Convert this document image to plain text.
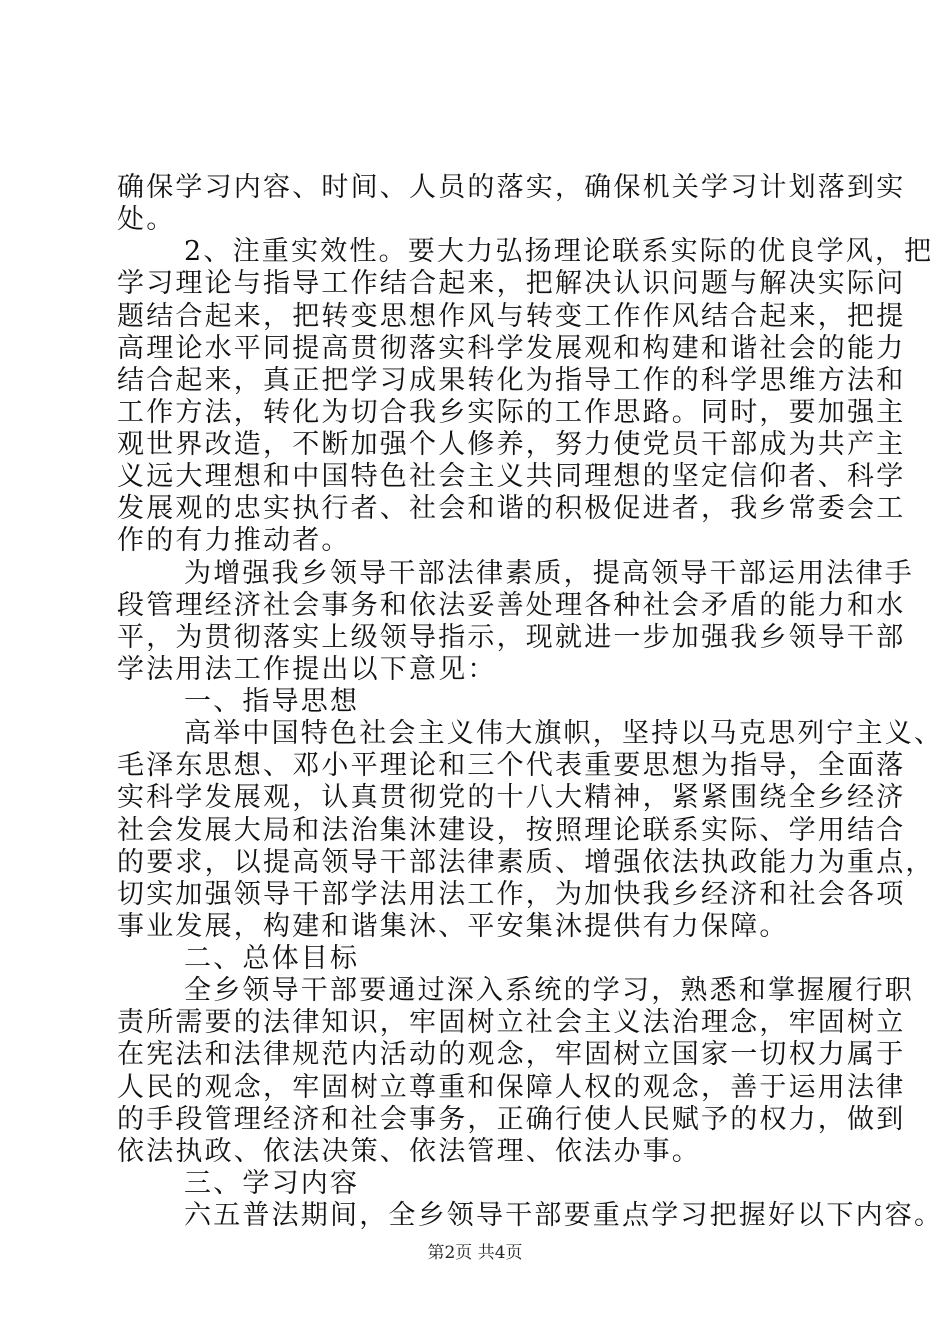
确保学习内容、时间、人员的落实，确保机关学习计划落到实
处。
2、注重实效性。要大力弘扬理论联系实际的优良学风，把
学习理论与指导工作结合起来，把解决认识问题与解决实际问
题结合起来，把转变思想作风与转变工作作风结合起来，把提
高理论水平同提高贯彻落实科学发展观和构建和谐社会的能力
结合起来，真正把学习成果转化为指导工作的科学思维方法和
工作方法，转化为切合我乡实际的工作思路。同时，要加强主
观世界改造，不断加强个人修养，努力使党员干部成为共产主
义远大理想和中国特色社会主义共同理想的坚定信仰者、科学
发展观的忠实执行者、社会和谐的积极促进者，我乡常委会工
作的有力推动者。
为增强我乡领导干部法律素质，提高领导干部运用法律手
段管理经济社会事务和依法妥善处理各种社会矛盾的能力和水
平，为贯彻落实上级领导指示，现就进一步加强我乡领导干部
学法用法工作提出以下意见：
一、指导思想
高举中国特色社会主义伟大旗帜，坚持以马克思列宁主义、
毛泽东思想、邓小平理论和三个代表重要思想为指导，全面落
实科学发展观，认真贯彻党的十八大精神，紧紧围绕全乡经济
社会发展大局和法治集沐建设，按照理论联系实际、学用结合
的要求，以提高领导干部法律素质、增强依法执政能力为重点，
切实加强领导干部学法用法工作，为加快我乡经济和社会各项
事业发展，构建和谐集沐、平安集沐提供有力保障。
二、总体目标
全乡领导干部要通过深入系统的学习，熟悉和掌握履行职
责所需要的法律知识，牢固树立社会主义法治理念，牢固树立
在宪法和法律规范内活动的观念，牢固树立国家一切权力属于
人民的观念，牢固树立尊重和保障人权的观念，善于运用法律
的手段管理经济和社会事务，正确行使人民赋予的权力，做到
依法执政、依法决策、依法管理、依法办事。
三、学习内容
六五普法期间，全乡领导干部要重点学习把握好以下内容。
第2页 共4页
